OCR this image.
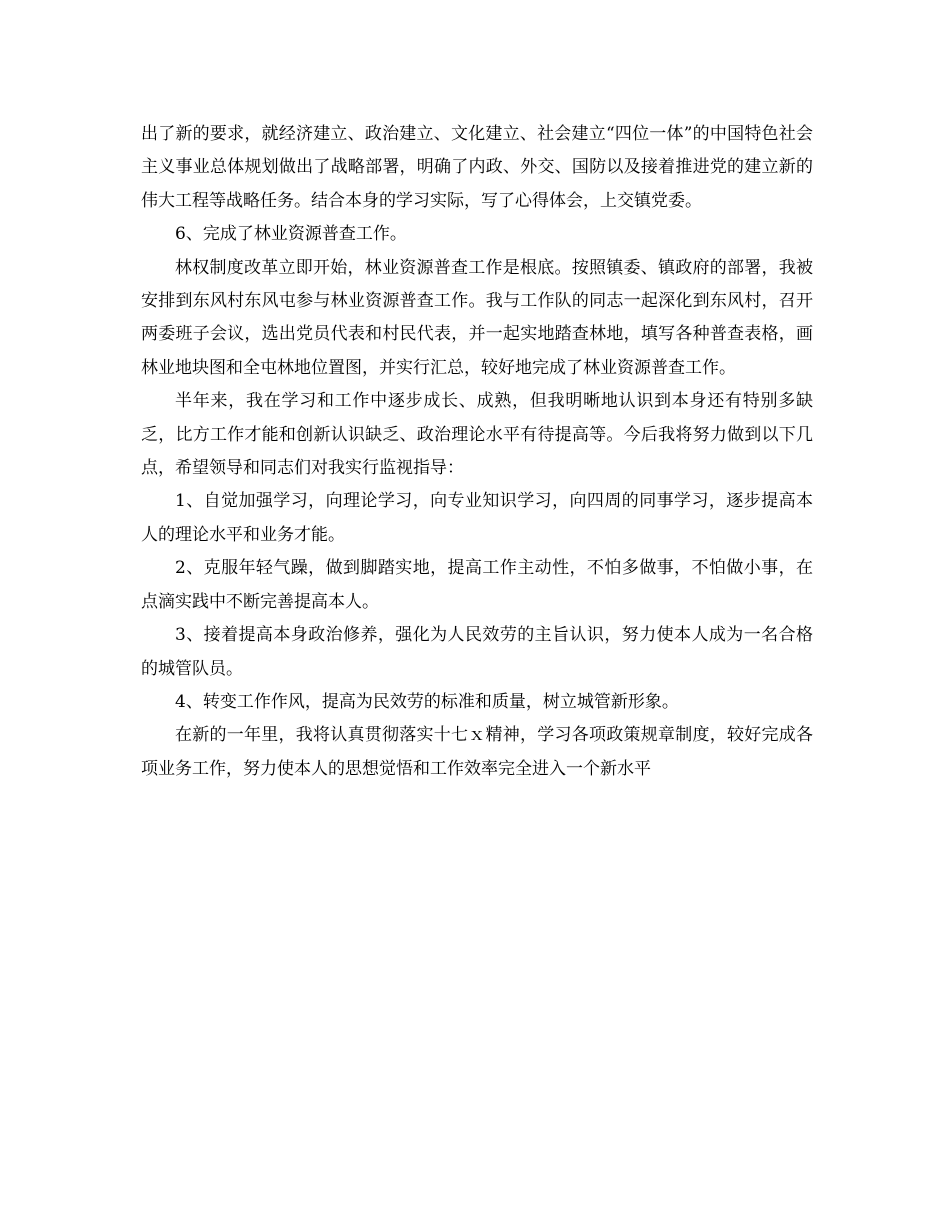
出了新的要求，就经济建立、政治建立、文化建立、社会建立“四位一体”的中国特色社会主义事业总体规划做出了战略部署，明确了内政、外交、国防以及接着推进党的建立新的伟大工程等战略任务。结合本身的学习实际，写了心得体会，上交镇党委。

6、完成了林业资源普查工作。

林权制度改革立即开始，林业资源普查工作是根底。按照镇委、镇政府的部署，我被安排到东风村东风屯参与林业资源普查工作。我与工作队的同志一起深化到东风村，召开两委班子会议，选出党员代表和村民代表，并一起实地踏查林地，填写各种普查表格，画林业地块图和全屯林地位置图，并实行汇总，较好地完成了林业资源普查工作。

半年来，我在学习和工作中逐步成长、成熟，但我明晰地认识到本身还有特别多缺乏，比方工作才能和创新认识缺乏、政治理论水平有待提高等。今后我将努力做到以下几点，希望领导和同志们对我实行监视指导：

1、自觉加强学习，向理论学习，向专业知识学习，向四周的同事学习，逐步提高本人的理论水平和业务才能。

2、克服年轻气躁，做到脚踏实地，提高工作主动性，不怕多做事，不怕做小事，在点滴实践中不断完善提高本人。

3、接着提高本身政治修养，强化为人民效劳的主旨认识，努力使本人成为一名合格的城管队员。

4、转变工作作风，提高为民效劳的标准和质量，树立城管新形象。

在新的一年里，我将认真贯彻落实十七ｘ精神，学习各项政策规章制度，较好完成各项业务工作，努力使本人的思想觉悟和工作效率完全进入一个新水平
